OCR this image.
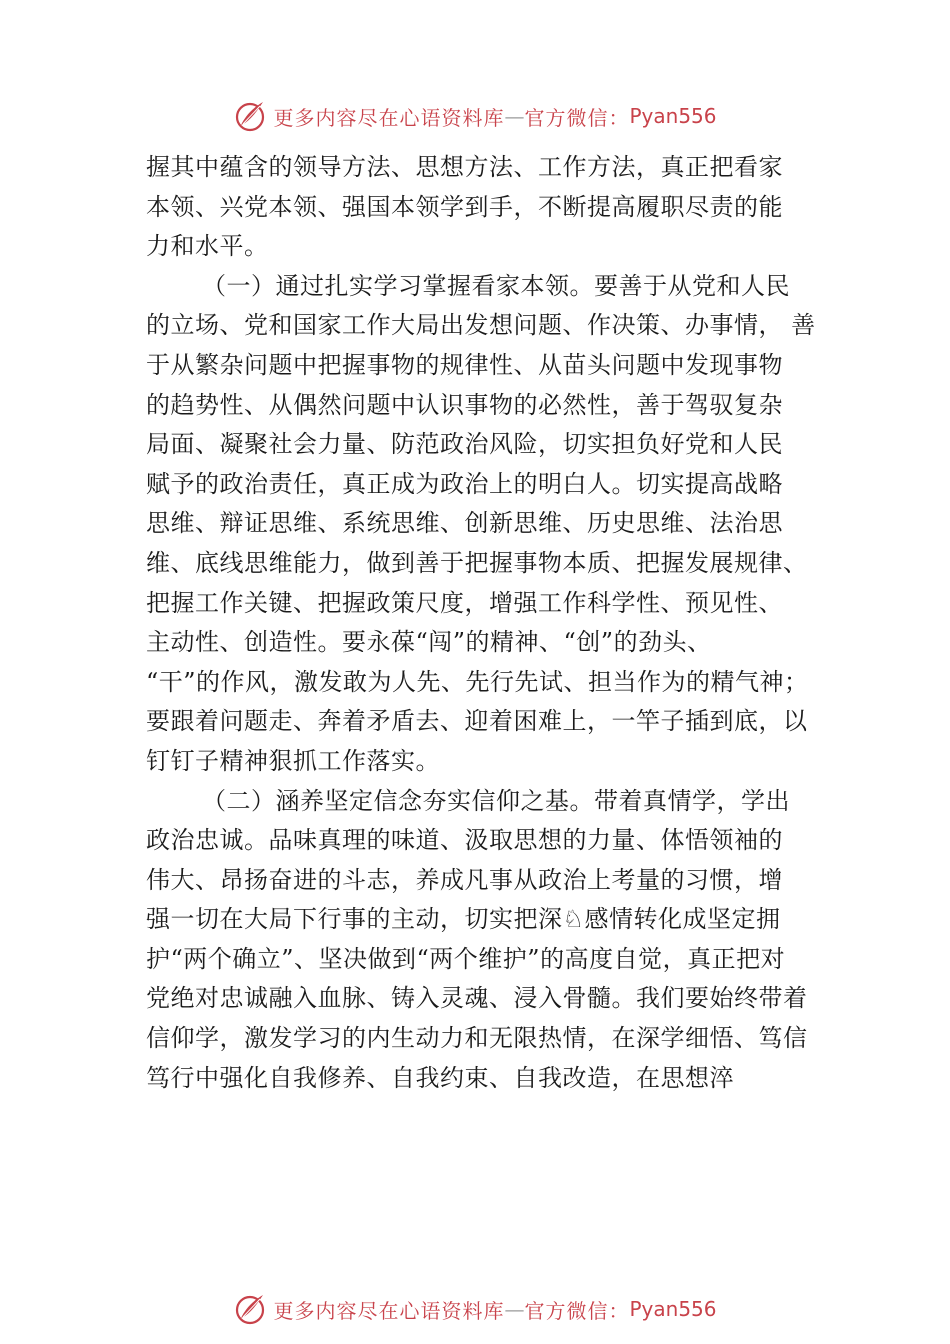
更多内容尽在心语资料库 — 官方微信： Pyan556
握其中蕴含的领导方法、思想方法、工作方法，真正把看家
本领、兴党本领、强国本领学到手，不断提高履职尽责的能
力和水平。
（一）通过扎实学习掌握看家本领。要善于从党和人民
的立场、党和国家工作大局出发想问题、作决策、办事情， 善
于从繁杂问题中把握事物的规律性、从苗头问题中发现事物
的趋势性、从偶然问题中认识事物的必然性，善于驾驭复杂
局面、凝聚社会力量、防范政治风险，切实担负好党和人民
赋予的政治责任，真正成为政治上的明白人。切实提高战略
思维、辩证思维、系统思维、创新思维、历史思维、法治思
维、底线思维能力，做到善于把握事物本质、把握发展规律、
把握工作关键、把握政策尺度，增强工作科学性、预见性、
主动性、创造性。要永葆“闯”的精神、“创”的劲头、
“干”的作风，激发敢为人先、先行先试、担当作为的精气神；
要跟着问题走、奔着矛盾去、迎着困难上，一竿子插到底，以
钉钉子精神狠抓工作落实。
（二）涵养坚定信念夯实信仰之基。带着真情学，学出
政治忠诚。品味真理的味道、汲取思想的力量、体悟领袖的
伟大、昂扬奋进的斗志，养成凡事从政治上考量的习惯，增
强一切在大局下行事的主动，切实把深♘感情转化成坚定拥
护“两个确立”、坚决做到“两个维护”的高度自觉，真正把对
党绝对忠诚融入血脉、铸入灵魂、浸入骨髓。我们要始终带着
信仰学，激发学习的内生动力和无限热情，在深学细悟、笃信
笃行中强化自我修养、自我约束、自我改造，在思想淬
更多内容尽在心语资料库 — 官方微信： Pyan556
